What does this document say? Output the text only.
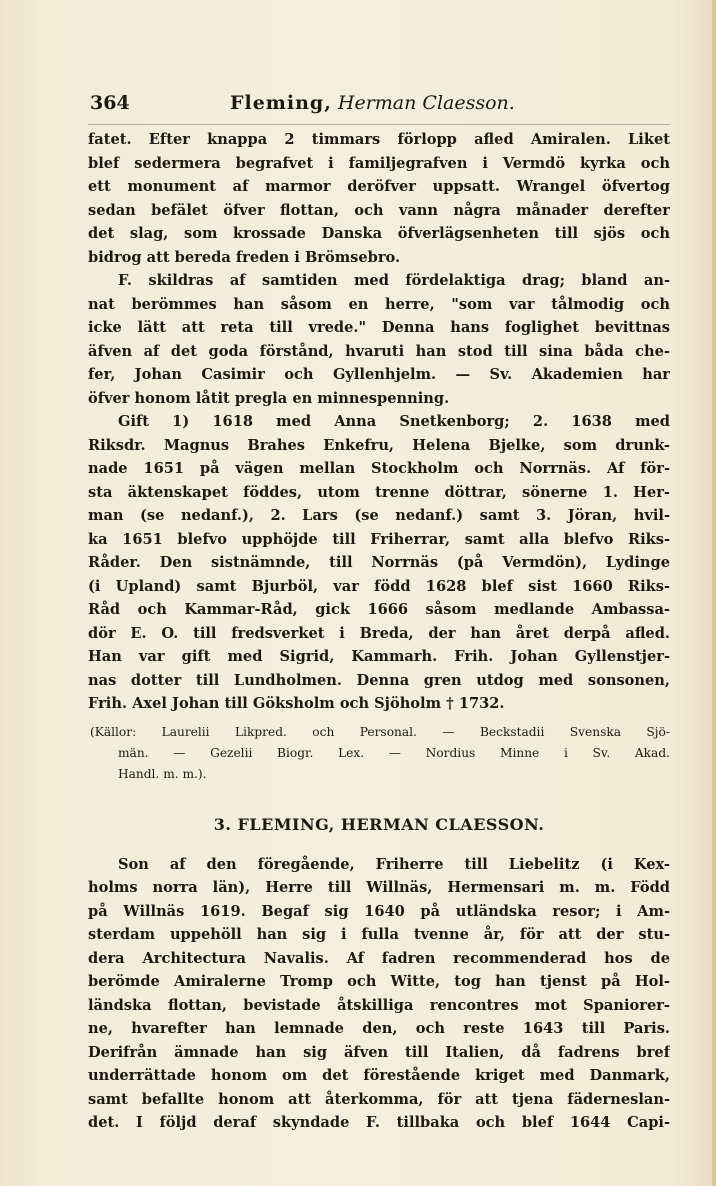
364	Fleming, Herman Claesson.
fatet. Efter knappa 2 timmars förlopp afled Amiralen. Liket
blef sedermera begrafvet i familjegrafven i Vermdö kyrka och
ett monument af marmor deröfver uppsatt. Wrangel öfvertog
sedan befälet öfver flottan, och vann några månader derefter
det slag, som krossade Danska öfverlägsenheten till sjös och
bidrog att bereda freden i Brömsebro.
F. skildras af samtiden med fördelaktiga drag; bland an-
nat berömmes han såsom en herre, "som var tålmodig och
icke lätt att reta till vrede." Denna hans foglighet bevittnas
äfven af det goda förstånd, hvaruti han stod till sina båda che-
fer, Johan Casimir och Gyllenhjelm. — Sv. Akademien har
öfver honom låtit pregla en minnespenning.
Gift 1) 1618 med Anna Snetkenborg; 2. 1638 med
Riksdr. Magnus Brahes Enkefru, Helena Bjelke, som drunk-
nade 1651 på vägen mellan Stockholm och Norrnäs. Af för-
sta äktenskapet föddes, utom trenne döttrar, sönerne 1. Her-
man (se nedanf.), 2. Lars (se nedanf.) samt 3. Jöran, hvil-
ka 1651 blefvo upphöjde till Friherrar, samt alla blefvo Riks-
Råder. Den sistnämnde, till Norrnäs (på Vermdön), Lydinge
(i Upland) samt Bjurböl, var född 1628 blef sist 1660 Riks-
Råd och Kammar-Råd, gick 1666 såsom medlande Ambassa-
dör E. O. till fredsverket i Breda, der han året derpå afled.
Han var gift med Sigrid, Kammarh. Frih. Johan Gyllenstjer-
nas dotter till Lundholmen. Denna gren utdog med sonsonen,
Frih. Axel Johan till Göksholm och Sjöholm † 1732.
(Källor: Laurelii Likpred. och Personal. — Beckstadii Svenska Sjö-
män. — Gezelii Biogr. Lex. — Nordius Minne i Sv. Akad.
Handl. m. m.).
3. FLEMING, HERMAN CLAESSON.
Son af den föregående, Friherre till Liebelitz (i Kex-
holms norra län), Herre till Willnäs, Hermensari m. m. Född
på Willnäs 1619. Begaf sig 1640 på utländska resor; i Am-
sterdam uppehöll han sig i fulla tvenne år, för att der stu-
dera Architectura Navalis. Af fadren recommenderad hos de
berömde Amiralerne Tromp och Witte, tog han tjenst på Hol-
ländska flottan, bevistade åtskilliga rencontres mot Spaniorer-
ne, hvarefter han lemnade den, och reste 1643 till Paris.
Derifrån ämnade han sig äfven till Italien, då fadrens bref
underrättade honom om det förestående kriget med Danmark,
samt befallte honom att återkomma, för att tjena fäderneslan-
det. I följd deraf skyndade F. tillbaka och blef 1644 Capi-
